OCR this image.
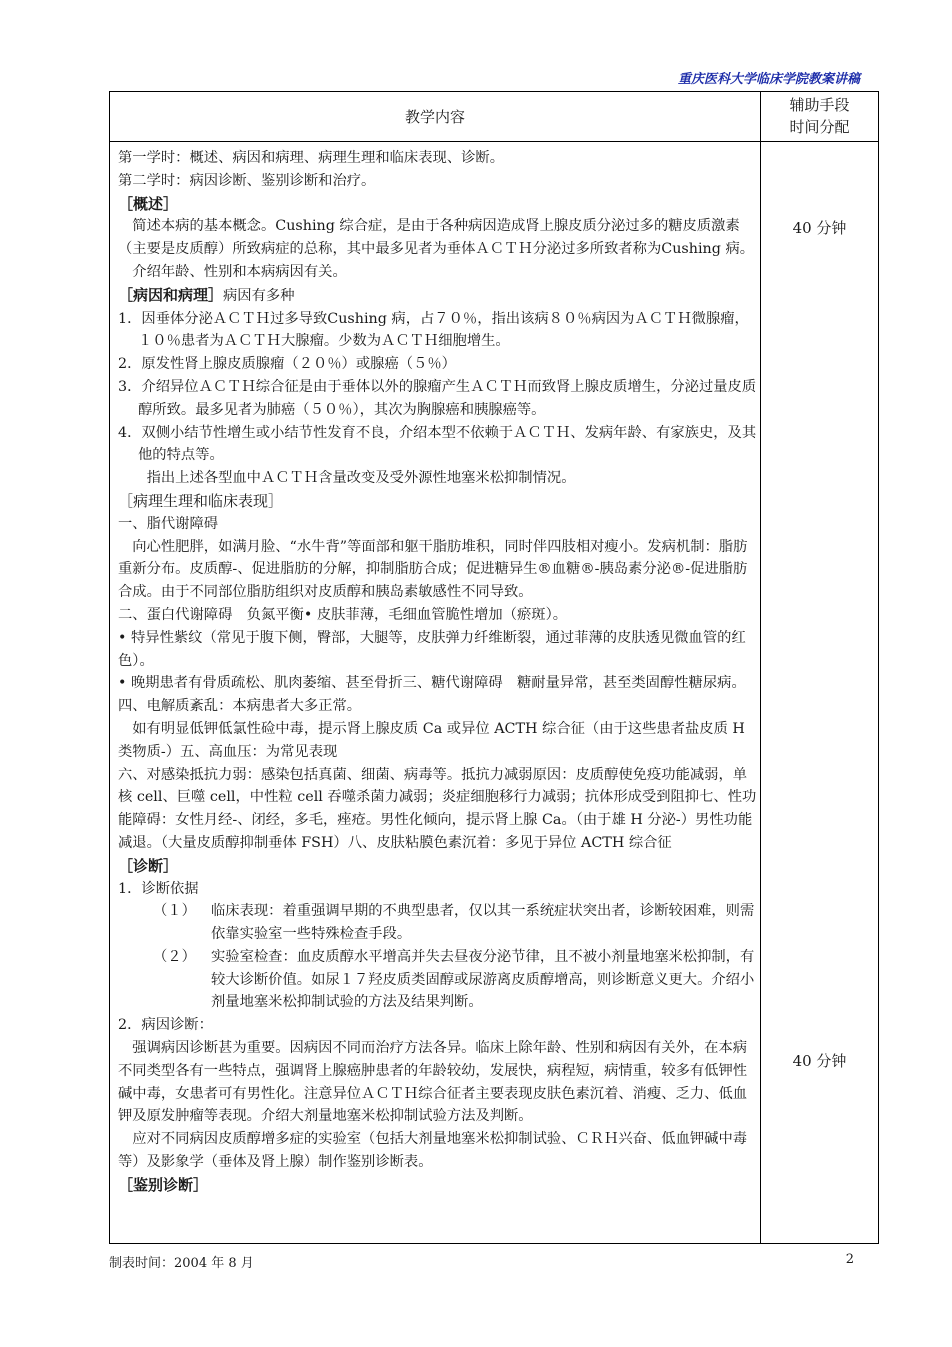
重庆医科大学临床学院教案讲稿
教学内容
辅助手段
时间分配
40 分钟
40 分钟

第一学时：概述、病因和病理、病理生理和临床表现、诊断。

第二学时：病因诊断、鉴别诊断和治疗。

［概述］

简述本病的基本概念。Cushing 综合症，是由于各种病因造成肾上腺皮质分泌过多的糖皮质激素（主要是皮质醇）所致病症的总称，其中最多见者为垂体ＡＣＴＨ分泌过多所致者称为Cushing 病。

介绍年龄、性别和本病病因有关。

［病因和病理］病因有多种

1．因垂体分泌ＡＣＴＨ过多导致Cushing 病，占７０％，指出该病８０％病因为ＡＣＴＨ微腺瘤，１０％患者为ＡＣＴＨ大腺瘤。少数为ＡＣＴＨ细胞增生。

2．原发性肾上腺皮质腺瘤（２０％）或腺癌（５％）

3．介绍异位ＡＣＴＨ综合征是由于垂体以外的腺瘤产生ＡＣＴＨ而致肾上腺皮质增生，分泌过量皮质醇所致。最多见者为肺癌（５０％），其次为胸腺癌和胰腺癌等。

4．双侧小结节性增生或小结节性发育不良，介绍本型不依赖于ＡＣＴＨ、发病年龄、有家族史，及其他的特点等。

指出上述各型血中ＡＣＴＨ含量改变及受外源性地塞米松抑制情况。

［病理生理和临床表现］

一、脂代谢障碍

向心性肥胖，如满月脸、“水牛背”等面部和躯干脂肪堆积，同时伴四肢相对瘦小。发病机制：脂肪重新分布。皮质醇-、促进脂肪的分解，抑制脂肪合成；促进糖异生®血糖®-胰岛素分泌®-促进脂肪合成。由于不同部位脂肪组织对皮质醇和胰岛素敏感性不同导致。

二、蛋白代谢障碍　负氮平衡• 皮肤菲薄，毛细血管脆性增加（瘀斑）。

• 特异性紫纹（常见于腹下侧，臀部，大腿等，皮肤弹力纤维断裂，通过菲薄的皮肤透见微血管的红色）。

• 晚期患者有骨质疏松、肌肉萎缩、甚至骨折三、糖代谢障碍　糖耐量异常，甚至类固醇性糖尿病。四、电解质紊乱：本病患者大多正常。

如有明显低钾低氯性硷中毒，提示肾上腺皮质 Ca 或异位 ACTH 综合征（由于这些患者盐皮质 H 类物质-）五、高血压：为常见表现

六、对感染抵抗力弱：感染包括真菌、细菌、病毒等。抵抗力减弱原因：皮质醇使免疫功能减弱，单核 cell、巨噬 cell，中性粒 cell 吞噬杀菌力减弱；炎症细胞移行力减弱；抗体形成受到阻抑七、性功能障碍：女性月经-、闭经，多毛，痤疮。男性化倾向，提示肾上腺 Ca。（由于雄 H 分泌-）男性功能减退。（大量皮质醇抑制垂体 FSH）八、皮肤粘膜色素沉着：多见于异位 ACTH 综合征

［诊断］

1．诊断依据

（１） 临床表现：着重强调早期的不典型患者，仅以其一系统症状突出者，诊断较困难，则需依靠实验室一些特殊检查手段。

（２） 实验室检查：血皮质醇水平增高并失去昼夜分泌节律，且不被小剂量地塞米松抑制，有较大诊断价值。如尿１７羟皮质类固醇或尿游离皮质醇增高，则诊断意义更大。介绍小剂量地塞米松抑制试验的方法及结果判断。

2．病因诊断：

强调病因诊断甚为重要。因病因不同而治疗方法各异。临床上除年龄、性别和病因有关外，在本病不同类型各有一些特点，强调肾上腺癌肿患者的年龄较幼，发展快，病程短，病情重，较多有低钾性碱中毒，女患者可有男性化。注意异位ＡＣＴＨ综合征者主要表现皮肤色素沉着、消瘦、乏力、低血钾及原发肿瘤等表现。介绍大剂量地塞米松抑制试验方法及判断。

应对不同病因皮质醇增多症的实验室（包括大剂量地塞米松抑制试验、ＣＲＨ兴奋、低血钾碱中毒等）及影象学（垂体及肾上腺）制作鉴别诊断表。

［鉴别诊断］

制表时间：2004 年 8 月	2
